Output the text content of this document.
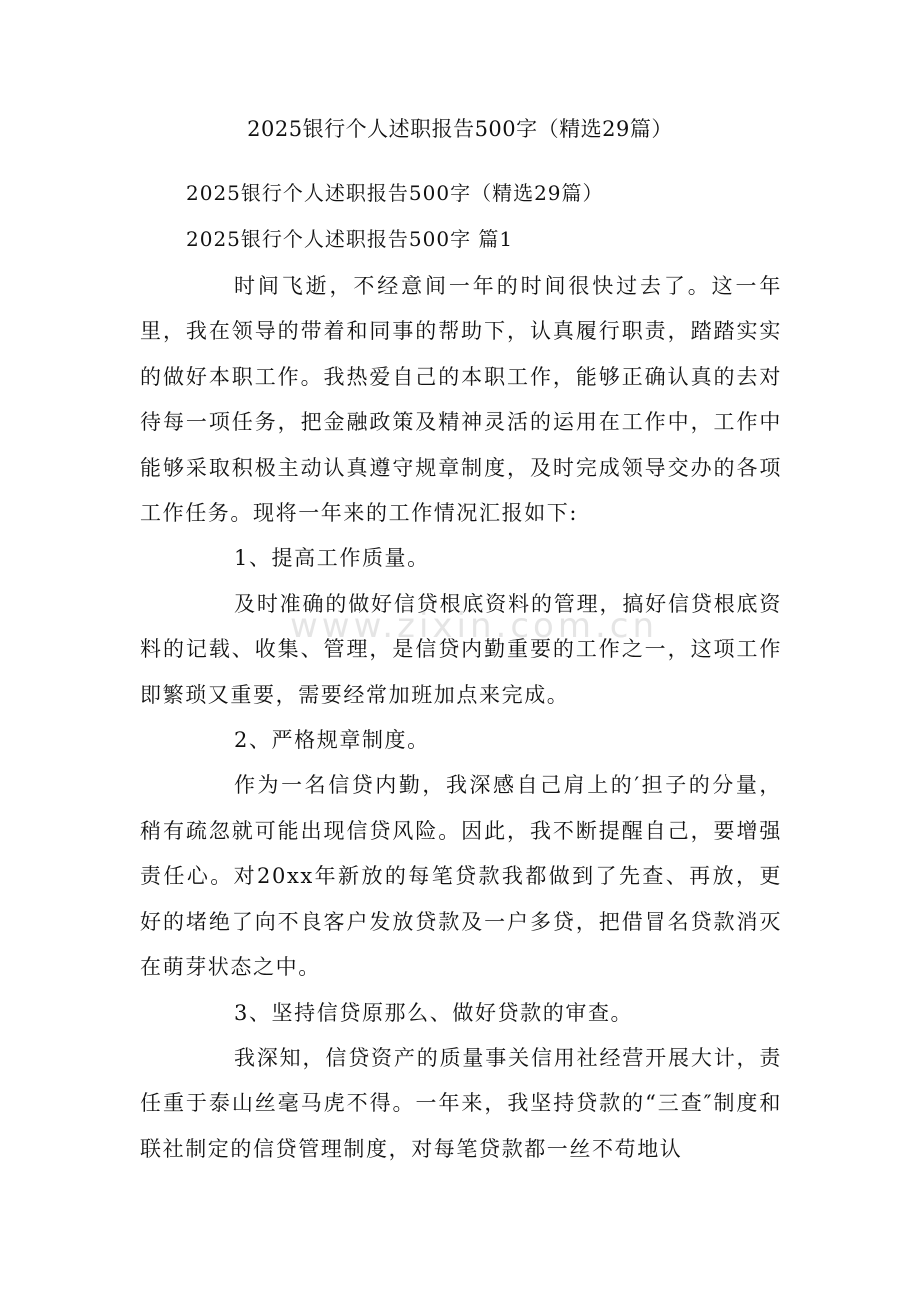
2025银行个人述职报告500字（精选29篇）

2025银行个人述职报告500字（精选29篇）

2025银行个人述职报告500字 篇1

时间飞逝，不经意间一年的时间很快过去了。这一年里，我在领导的带着和同事的帮助下，认真履行职责，踏踏实实的做好本职工作。我热爱自己的本职工作，能够正确认真的去对待每一项任务，把金融政策及精神灵活的运用在工作中，工作中能够采取积极主动认真遵守规章制度，及时完成领导交办的各项工作任务。现将一年来的工作情况汇报如下:

1、提高工作质量。

及时准确的做好信贷根底资料的管理，搞好信贷根底资料的记载、收集、管理，是信贷内勤重要的工作之一，这项工作即繁琐又重要，需要经常加班加点来完成。

2、严格规章制度。

作为一名信贷内勤，我深感自己肩上的′担子的分量，稍有疏忽就可能出现信贷风险。因此，我不断提醒自己，要增强责任心。对20xx年新放的每笔贷款我都做到了先查、再放，更好的堵绝了向不良客户发放贷款及一户多贷，把借冒名贷款消灭在萌芽状态之中。

3、坚持信贷原那么、做好贷款的审查。

我深知，信贷资产的质量事关信用社经营开展大计，责任重于泰山丝毫马虎不得。一年来，我坚持贷款的“三查″制度和联社制定的信贷管理制度，对每笔贷款都一丝不苟地认

www.zixin.com.cn
